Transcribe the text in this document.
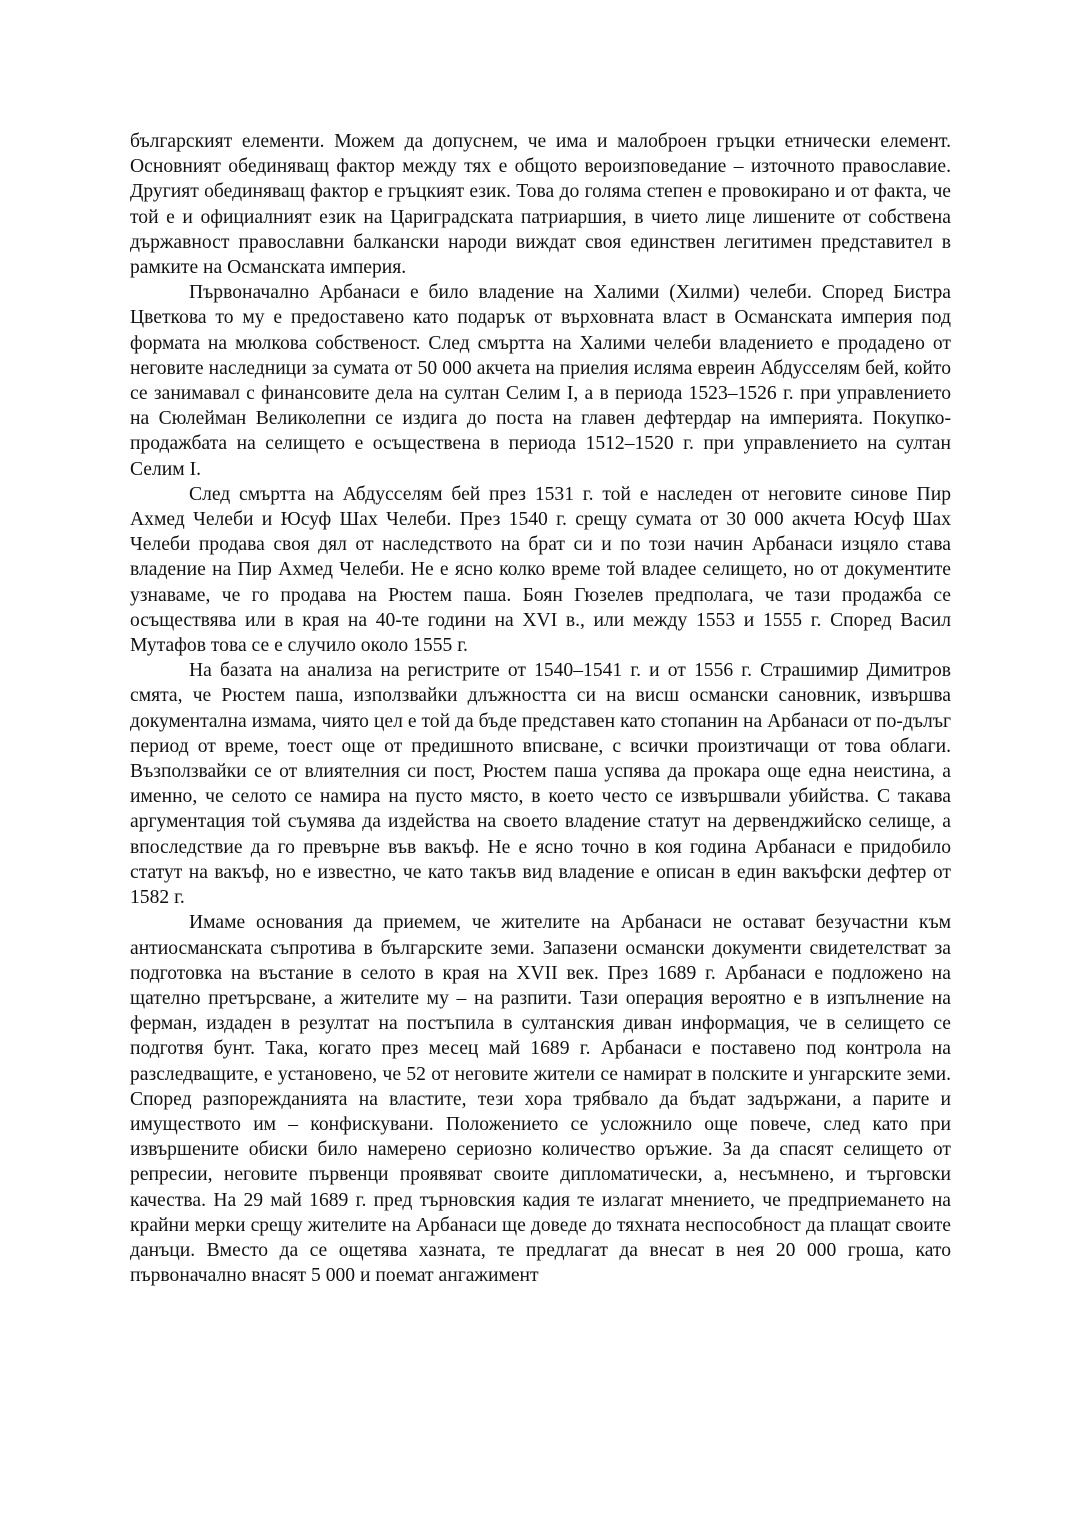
българският елементи. Можем да допуснем, че има и малоброен гръцки етнически елемент. Основният обединяващ фактор между тях е общото вероизповедание – източното православие. Другият обединяващ фактор е гръцкият език. Това до голяма степен е провокирано и от факта, че той е и официалният език на Цариградската патриаршия, в чието лице лишените от собствена държавност православни балкански народи виждат своя единствен легитимен представител в рамките на Османската империя.

Първоначално Арбанаси е било владение на Халими (Хилми) челеби. Според Бистра Цветкова то му е предоставено като подарък от върховната власт в Османската империя под формата на мюлкова собственост. След смъртта на Халими челеби владението е продадено от неговите наследници за сумата от 50 000 акчета на приелия исляма евреин Абдусселям бей, който се занимавал с финансовите дела на султан Селим I, а в периода 1523–1526 г. при управлението на Сюлейман Великолепни се издига до поста на главен дефтердар на империята. Покупко-продажбата на селището е осъществена в периода 1512–1520 г. при управлението на султан Селим I.

След смъртта на Абдусселям бей през 1531 г. той е наследен от неговите синове Пир Ахмед Челеби и Юсуф Шах Челеби. През 1540 г. срещу сумата от 30 000 акчета Юсуф Шах Челеби продава своя дял от наследството на брат си и по този начин Арбанаси изцяло става владение на Пир Ахмед Челеби. Не е ясно колко време той владее селището, но от документите узнаваме, че го продава на Рюстем паша. Боян Гюзелев предполага, че тази продажба се осъществява или в края на 40-те години на XVI в., или между 1553 и 1555 г. Според Васил Мутафов това се е случило около 1555 г.

На базата на анализа на регистрите от 1540–1541 г. и от 1556 г. Страшимир Димитров смята, че Рюстем паша, използвайки длъжността си на висш османски сановник, извършва документална измама, чиято цел е той да бъде представен като стопанин на Арбанаси от по-дълъг период от време, тоест още от предишното вписване, с всички произтичащи от това облаги. Възползвайки се от влиятелния си пост, Рюстем паша успява да прокара още една неистина, а именно, че селото се намира на пусто място, в което често се извършвали убийства. С такава аргументация той съумява да издейства на своето владение статут на дервенджийско селище, а впоследствие да го превърне във вакъф. Не е ясно точно в коя година Арбанаси е придобило статут на вакъф, но е известно, че като такъв вид владение е описан в един вакъфски дефтер от 1582 г.

Имаме основания да приемем, че жителите на Арбанаси не остават безучастни към антиосманската съпротива в българските земи. Запазени османски документи свидетелстват за подготовка на въстание в селото в края на XVII век. През 1689 г. Арбанаси е подложено на щателно претърсване, а жителите му – на разпити. Тази операция вероятно е в изпълнение на ферман, издаден в резултат на постъпила в султанския диван информация, че в селището се подготвя бунт. Така, когато през месец май 1689 г. Арбанаси е поставено под контрола на разследващите, е установено, че 52 от неговите жители се намират в полските и унгарските земи. Според разпорежданията на властите, тези хора трябвало да бъдат задържани, а парите и имуществото им – конфискувани. Положението се усложнило още повече, след като при извършените обиски било намерено сериозно количество оръжие. За да спасят селището от репресии, неговите първенци проявяват своите дипломатически, а, несъмнено, и търговски качества. На 29 май 1689 г. пред търновския кадия те излагат мнението, че предприемането на крайни мерки срещу жителите на Арбанаси ще доведе до тяхната неспособност да плащат своите данъци. Вместо да се ощетява хазната, те предлагат да внесат в нея 20 000 гроша, като първоначално внасят 5 000 и поемат ангажимент
